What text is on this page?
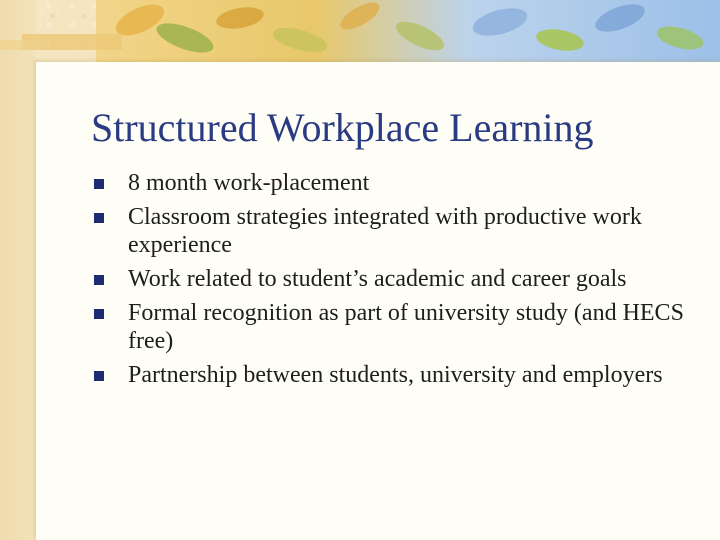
Structured Workplace Learning
8 month work-placement
Classroom strategies integrated with productive work experience
Work related to student’s academic and career goals
Formal recognition as part of university study (and HECS free)
Partnership between students, university and employers
